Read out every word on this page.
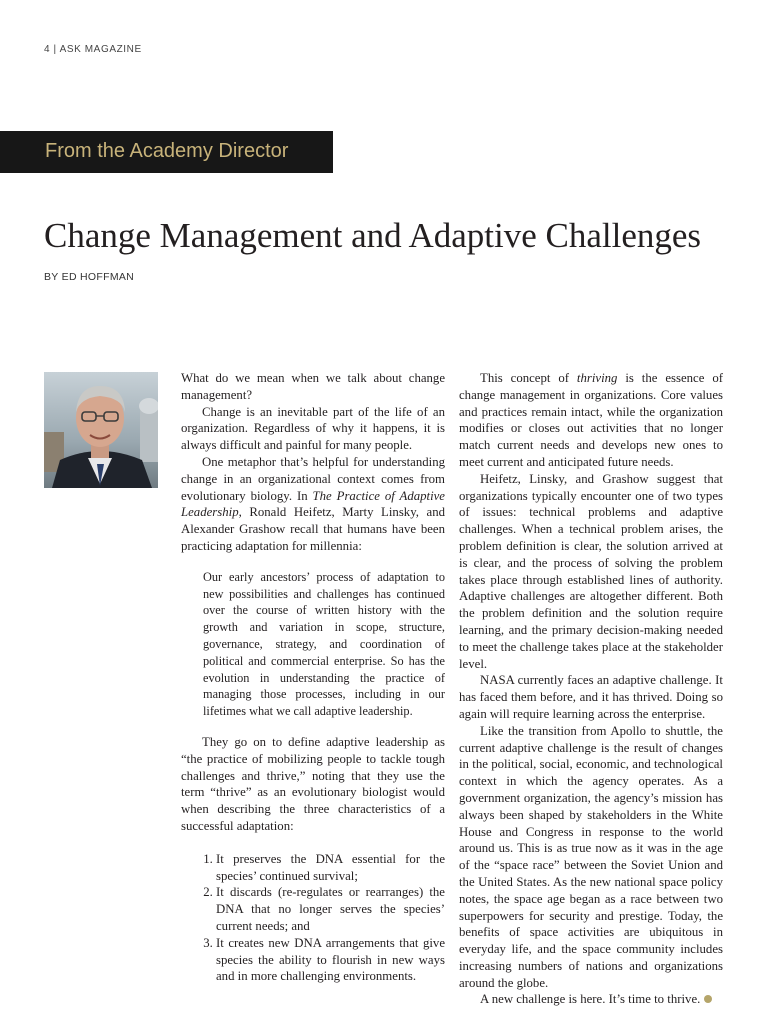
4 | ASK MAGAZINE
From the Academy Director
Change Management and Adaptive Challenges
BY ED HOFFMAN

What do we mean when we talk about change management?

Change is an inevitable part of the life of an organization. Regardless of why it happens, it is always difficult and painful for many people.

One metaphor that’s helpful for understanding change in an organizational context comes from evolutionary biology. In The Practice of Adaptive Leadership, Ronald Heifetz, Marty Linsky, and Alexander Grashow recall that humans have been practicing adaptation for millennia:

Our early ancestors’ process of adaptation to new possibilities and challenges has continued over the course of written history with the growth and variation in scope, structure, governance, strategy, and coordination of political and commercial enterprise. So has the evolution in understanding the practice of managing those processes, including in our lifetimes what we call adaptive leadership.

They go on to define adaptive leadership as “the practice of mobilizing people to tackle tough challenges and thrive,” noting that they use the term “thrive” as an evolutionary biologist would when describing the three characteristics of a successful adaptation:

1. It preserves the DNA essential for the species’ continued survival;
2. It discards (re-regulates or rearranges) the DNA that no longer serves the species’ current needs; and
3. It creates new DNA arrangements that give species the ability to flourish in new ways and in more challenging environments.

This concept of thriving is the essence of change management in organizations. Core values and practices remain intact, while the organization modifies or closes out activities that no longer match current needs and develops new ones to meet current and anticipated future needs.

Heifetz, Linsky, and Grashow suggest that organizations typically encounter one of two types of issues: technical problems and adaptive challenges. When a technical problem arises, the problem definition is clear, the solution arrived at is clear, and the process of solving the problem takes place through established lines of authority. Adaptive challenges are altogether different. Both the problem definition and the solution require learning, and the primary decision-making needed to meet the challenge takes place at the stakeholder level.

NASA currently faces an adaptive challenge. It has faced them before, and it has thrived. Doing so again will require learning across the enterprise.

Like the transition from Apollo to shuttle, the current adaptive challenge is the result of changes in the political, social, economic, and technological context in which the agency operates. As a government organization, the agency’s mission has always been shaped by stakeholders in the White House and Congress in response to the world around us. This is as true now as it was in the age of the “space race” between the Soviet Union and the United States. As the new national space policy notes, the space age began as a race between two superpowers for security and prestige. Today, the benefits of space activities are ubiquitous in everyday life, and the space community includes increasing numbers of nations and organizations around the globe.

A new challenge is here. It’s time to thrive.
